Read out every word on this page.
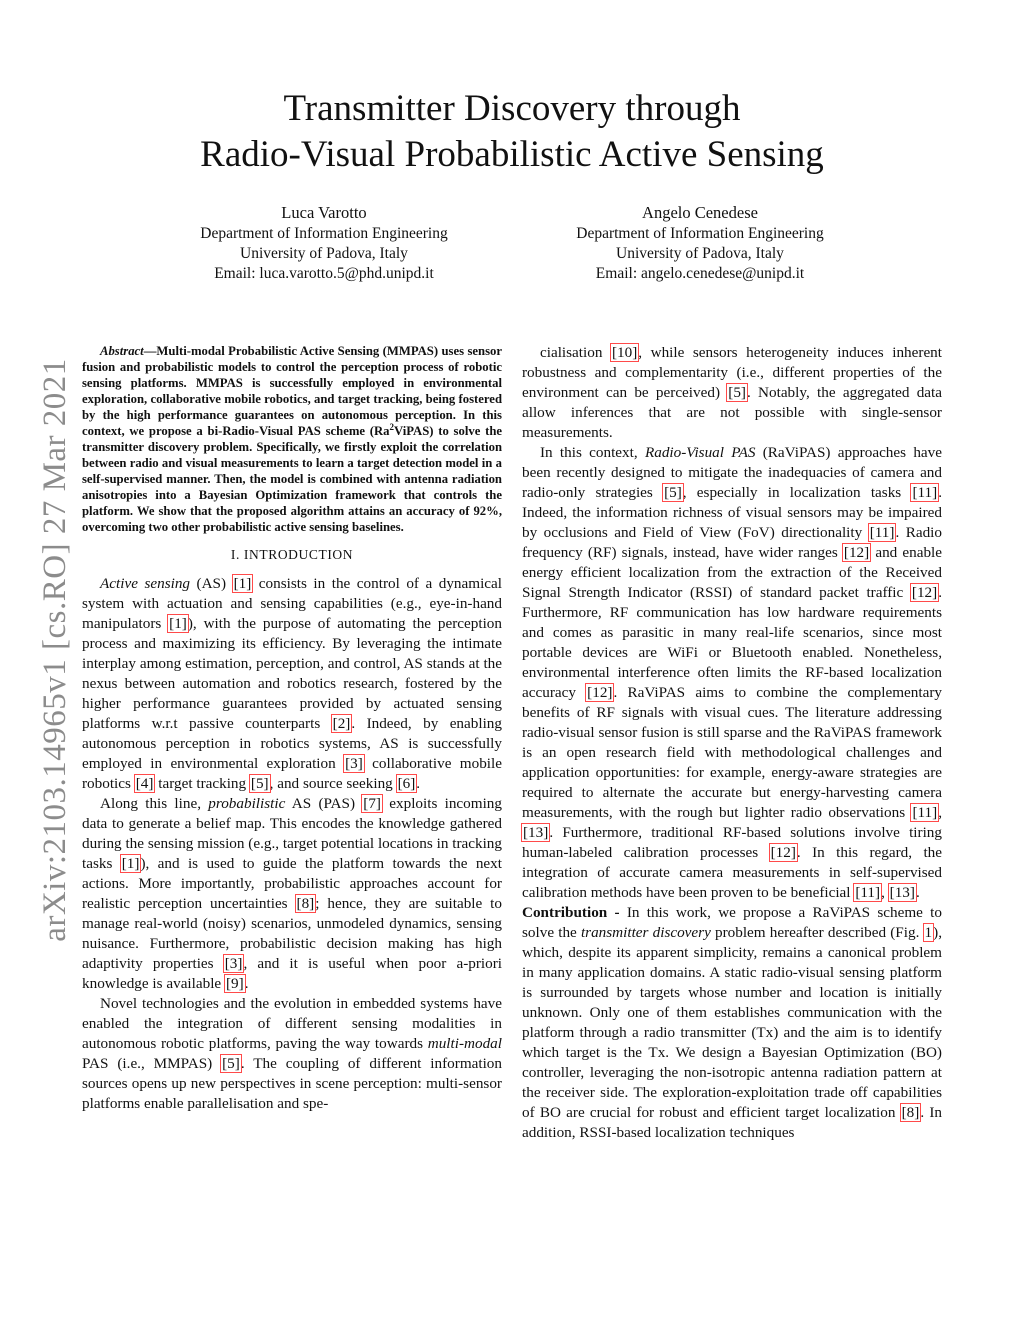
Transmitter Discovery through
Radio-Visual Probabilistic Active Sensing
Luca Varotto
Department of Information Engineering
University of Padova, Italy
Email: luca.varotto.5@phd.unipd.it
Angelo Cenedese
Department of Information Engineering
University of Padova, Italy
Email: angelo.cenedese@unipd.it
arXiv:2103.14965v1 [cs.RO] 27 Mar 2021

Abstract—Multi-modal Probabilistic Active Sensing (MMPAS) uses sensor fusion and probabilistic models to control the perception process of robotic sensing platforms. MMPAS is successfully employed in environmental exploration, collaborative mobile robotics, and target tracking, being fostered by the high performance guarantees on autonomous perception. In this context, we propose a bi-Radio-Visual PAS scheme (Ra$^2$ViPAS) to solve the transmitter discovery problem. Specifically, we firstly exploit the correlation between radio and visual measurements to learn a target detection model in a self-supervised manner. Then, the model is combined with antenna radiation anisotropies into a Bayesian Optimization framework that controls the platform. We show that the proposed algorithm attains an accuracy of 92%, overcoming two other probabilistic active sensing baselines.

I. INTRODUCTION

Active sensing (AS) [1] consists in the control of a dynamical system with actuation and sensing capabilities (e.g., eye-in-hand manipulators [1]), with the purpose of automating the perception process and maximizing its efficiency. By leveraging the intimate interplay among estimation, perception, and control, AS stands at the nexus between automation and robotics research, fostered by the higher performance guarantees provided by actuated sensing platforms w.r.t passive counterparts [2]. Indeed, by enabling autonomous perception in robotics systems, AS is successfully employed in environmental exploration [3] collaborative mobile robotics [4] target tracking [5], and source seeking [6].

Along this line, probabilistic AS (PAS) [7] exploits incoming data to generate a belief map. This encodes the knowledge gathered during the sensing mission (e.g., target potential locations in tracking tasks [1]), and is used to guide the platform towards the next actions. More importantly, probabilistic approaches account for realistic perception uncertainties [8]; hence, they are suitable to manage real-world (noisy) scenarios, unmodeled dynamics, sensing nuisance. Furthermore, probabilistic decision making has high adaptivity properties [3], and it is useful when poor a-priori knowledge is available [9].

Novel technologies and the evolution in embedded systems have enabled the integration of different sensing modalities in autonomous robotic platforms, paving the way towards multi-modal PAS (i.e., MMPAS) [5]. The coupling of different information sources opens up new perspectives in scene perception: multi-sensor platforms enable parallelisation and spe-

cialisation [10], while sensors heterogeneity induces inherent robustness and complementarity (i.e., different properties of the environment can be perceived) [5]. Notably, the aggregated data allow inferences that are not possible with single-sensor measurements.

In this context, Radio-Visual PAS (RaViPAS) approaches have been recently designed to mitigate the inadequacies of camera and radio-only strategies [5], especially in localization tasks [11]. Indeed, the information richness of visual sensors may be impaired by occlusions and Field of View (FoV) directionality [11]. Radio frequency (RF) signals, instead, have wider ranges [12] and enable energy efficient localization from the extraction of the Received Signal Strength Indicator (RSSI) of standard packet traffic [12]. Furthermore, RF communication has low hardware requirements and comes as parasitic in many real-life scenarios, since most portable devices are WiFi or Bluetooth enabled. Nonetheless, environmental interference often limits the RF-based localization accuracy [12]. RaViPAS aims to combine the complementary benefits of RF signals with visual cues. The literature addressing radio-visual sensor fusion is still sparse and the RaViPAS framework is an open research field with methodological challenges and application opportunities: for example, energy-aware strategies are required to alternate the accurate but energy-harvesting camera measurements, with the rough but lighter radio observations [11], [13]. Furthermore, traditional RF-based solutions involve tiring human-labeled calibration processes [12]. In this regard, the integration of accurate camera measurements in self-supervised calibration methods have been proven to be beneficial [11], [13].

Contribution - In this work, we propose a RaViPAS scheme to solve the transmitter discovery problem hereafter described (Fig. 1), which, despite its apparent simplicity, remains a canonical problem in many application domains. A static radio-visual sensing platform is surrounded by targets whose number and location is initially unknown. Only one of them establishes communication with the platform through a radio transmitter (Tx) and the aim is to identify which target is the Tx. We design a Bayesian Optimization (BO) controller, leveraging the non-isotropic antenna radiation pattern at the receiver side. The exploration-exploitation trade off capabilities of BO are crucial for robust and efficient target localization [8]. In addition, RSSI-based localization techniques
